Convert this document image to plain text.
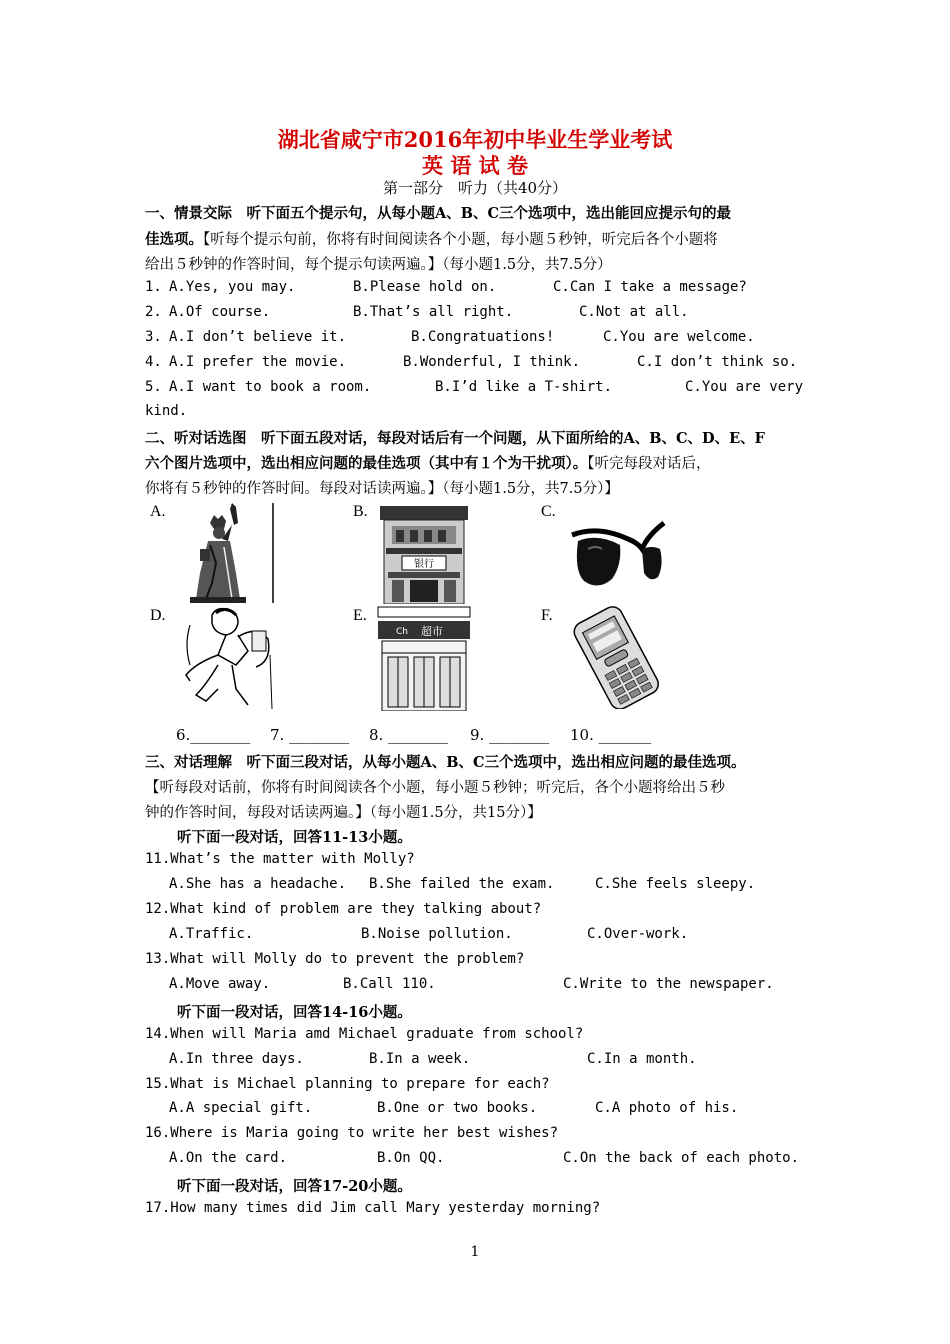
湖北省咸宁市2016年初中毕业生学业考试
英 语 试 卷
第一部分　听力（共40分）
一、情景交际　听下面五个提示句，从每小题A、B、C三个选项中，选出能回应提示句的最
佳选项。【听每个提示句前，你将有时间阅读各个小题，每小题５秒钟，听完后各个小题将
给出５秒钟的作答时间，每个提示句读两遍。】（每小题1.5分，共7.5分）
1. A.Yes, you may.	B.Please hold on.	C.Can I take a message?
2. A.Of course.	B.That’s all right.	C.Not at all.
3. A.I don’t believe it.	B.Congratuations!	C.You are welcome.
4. A.I prefer the movie.	B.Wonderful, I think.	C.I don’t think so.
5. A.I want to book a room.	B.I’d like a T-shirt.	C.You are very
kind.
二、听对话选图　听下面五段对话，每段对话后有一个问题，从下面所给的A、B、C、D、E、F
六个图片选项中，选出相应问题的最佳选项（其中有１个为干扰项）。【听完每段对话后，
你将有５秒钟的作答时间。每段对话读两遍。】（每小题1.5分，共7.5分）】
A.	B.
银行
C.
D.	E.
Ch 超市
F.
6.________ 7. ________ 8. ________ 9. ________ 10. _______
三、对话理解　听下面三段对话，从每小题A、B、C三个选项中，选出相应问题的最佳选项。
【听每段对话前，你将有时间阅读各个小题，每小题５秒钟；听完后，各个小题将给出５秒
钟的作答时间，每段对话读两遍。】（每小题1.5分，共15分）】
听下面一段对话，回答11-13小题。
11.What’s the matter with Molly?
A.She has a headache. B.She failed the exam.	C.She feels sleepy.
12.What kind of problem are they talking about?
A.Traffic.	B.Noise pollution.	C.Over-work.
13.What will Molly do to prevent the problem?
A.Move away.	B.Call 110.	C.Write to the newspaper.
听下面一段对话，回答14-16小题。
14.When will Maria amd Michael graduate from school?
A.In three days.	B.In a week.	C.In a month.
15.What is Michael planning to prepare for each?
A.A special gift.	B.One or two books.	C.A photo of his.
16.Where is Maria going to write her best wishes?
A.On the card.	B.On QQ.	C.On the back of each photo.
听下面一段对话，回答17-20小题。
17.How many times did Jim call Mary yesterday morning?
1
